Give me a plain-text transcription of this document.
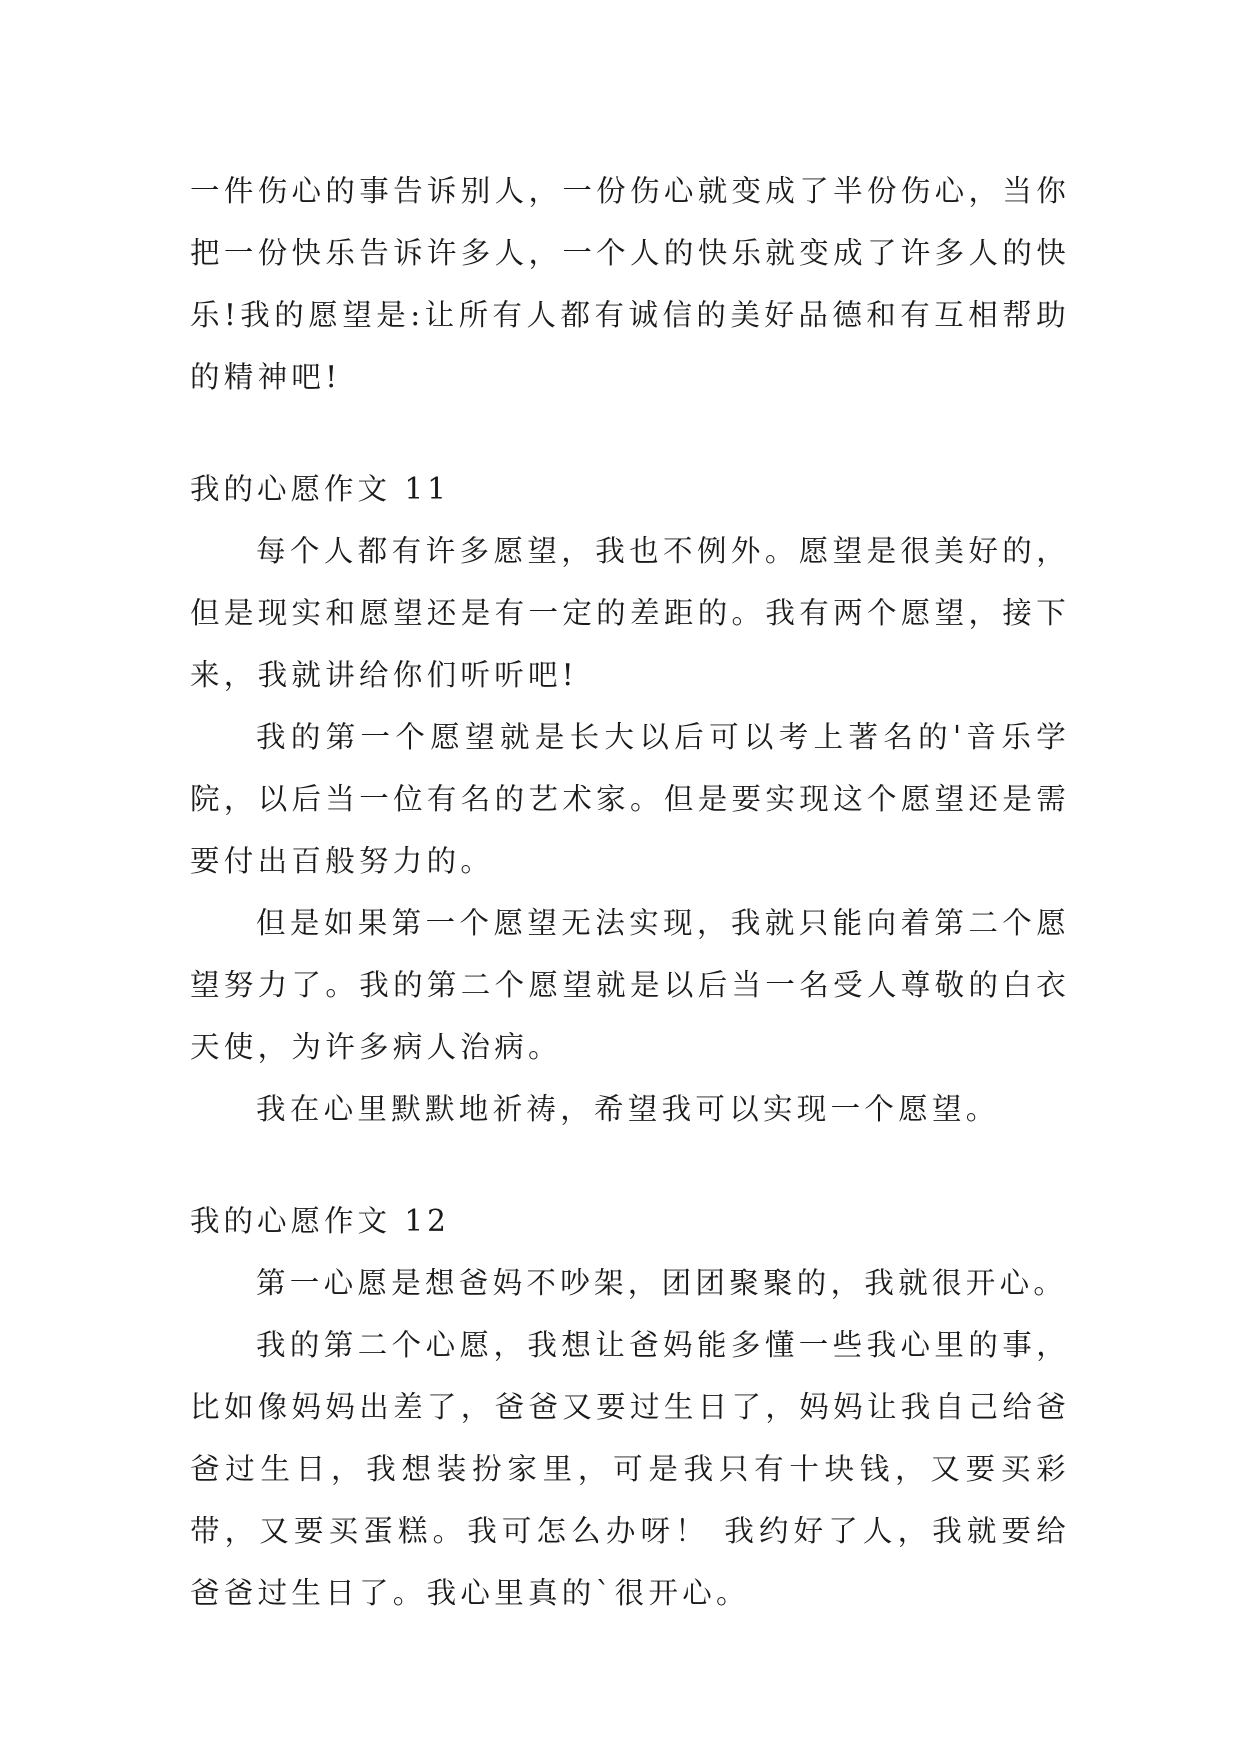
一件伤心的事告诉别人，一份伤心就变成了半份伤心，当你把一份快乐告诉许多人，一个人的快乐就变成了许多人的快乐!我的愿望是:让所有人都有诚信的美好品德和有互相帮助的精神吧!

我的心愿作文 11

每个人都有许多愿望，我也不例外。愿望是很美好的，但是现实和愿望还是有一定的差距的。我有两个愿望，接下来，我就讲给你们听听吧!

我的第一个愿望就是长大以后可以考上著名的'音乐学院，以后当一位有名的艺术家。但是要实现这个愿望还是需要付出百般努力的。

但是如果第一个愿望无法实现，我就只能向着第二个愿望努力了。我的第二个愿望就是以后当一名受人尊敬的白衣天使，为许多病人治病。

我在心里默默地祈祷，希望我可以实现一个愿望。

我的心愿作文 12

第一心愿是想爸妈不吵架，团团聚聚的，我就很开心。

我的第二个心愿，我想让爸妈能多懂一些我心里的事，比如像妈妈出差了，爸爸又要过生日了，妈妈让我自己给爸爸过生日，我想装扮家里，可是我只有十块钱，又要买彩带，又要买蛋糕。我可怎么办呀！ 我约好了人，我就要给爸爸过生日了。我心里真的`很开心。
